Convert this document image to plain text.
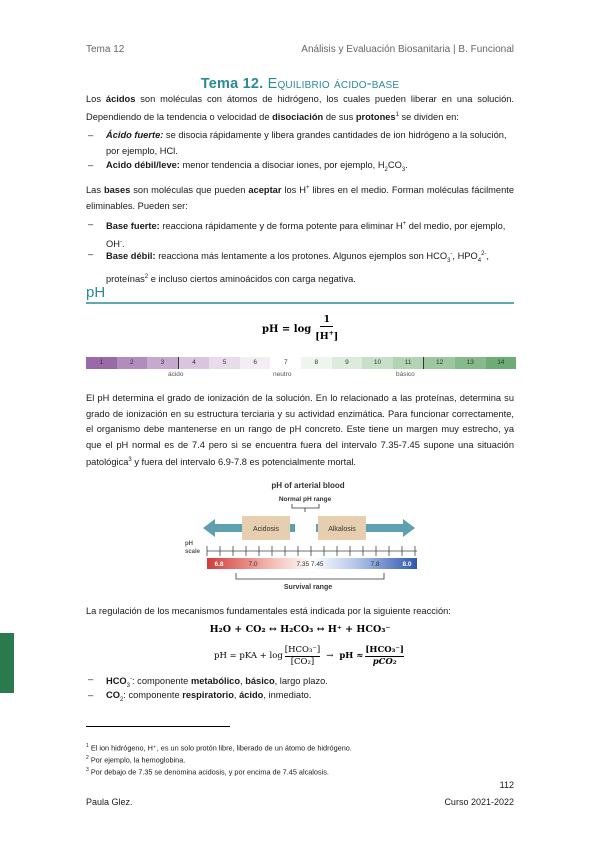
Tema 12	Análisis y Evaluación Biosanitaria | B. Funcional
Tema 12. Equilibrio ácido-base
Los ácidos son moléculas con átomos de hidrógeno, los cuales pueden liberar en una solución. Dependiendo de la tendencia o velocidad de disociación de sus protones$^1$ se dividen en:
– Ácido fuerte: se disocia rápidamente y libera grandes cantidades de ion hidrógeno a la solución, por ejemplo, HCl.
– Acido débil/leve: menor tendencia a disociar iones, por ejemplo, $H_2CO_3$.
Las bases son moléculas que pueden aceptar los H+ libres en el medio. Forman moléculas fácilmente eliminables. Pueden ser:
– Base fuerte: reacciona rápidamente y de forma potente para eliminar H+ del medio, por ejemplo, OH-.
– Base débil: reacciona más lentamente a los protones. Algunos ejemplos son $HCO_3^-$, $HPO_4^{2-}$, proteínas$^2$ e incluso ciertos aminoácidos con carga negativa.
pH
pH = log
1
[H+]
1	2	3	4	5	6	7	8	9	10	11	12	13	14
ácido	neutro	básico
El pH determina el grado de ionización de la solución. En lo relacionado a las proteínas, determina su grado de ionización en su estructura terciaria y su actividad enzimática. Para funcionar correctamente, el organismo debe mantenerse en un rango de pH concreto. Este tiene un margen muy estrecho, ya que el pH normal es de 7.4 pero si se encuentra fuera del intervalo 7.35-7.45 supone una situación patológica$^3$ y fuera del intervalo 6.9-7.8 es potencialmente mortal.
pH of arterial blood
Normal pH range
Acidosis	Alkalosis
pH
scale
6.8	7.0	7.35 7.45	7.8	8.0
Survival range
La regulación de los mecanismos fundamentales está indicada por la siguiente reacción:
H₂O + CO₂ ↔ H₂CO₃ ↔ H⁺ + HCO₃⁻
pH = pKA + log
[HCO₃⁻]
[CO₂]
→ pH ≈
[HCO₃⁻]
pCO₂
– $HCO_3^-$: componente metabólico, básico, largo plazo.
– $CO_2$: componente respiratorio, ácido, inmediato.
$^1$ El ion hidrógeno, H⁺, es un solo protón libre, liberado de un átomo de hidrógeno.
$^2$ Por ejemplo, la hemoglobina.
$^3$ Por debajo de 7.35 se denomina acidosis, y por encima de 7.45 alcalosis.
112
Paula Glez.	Curso 2021-2022
